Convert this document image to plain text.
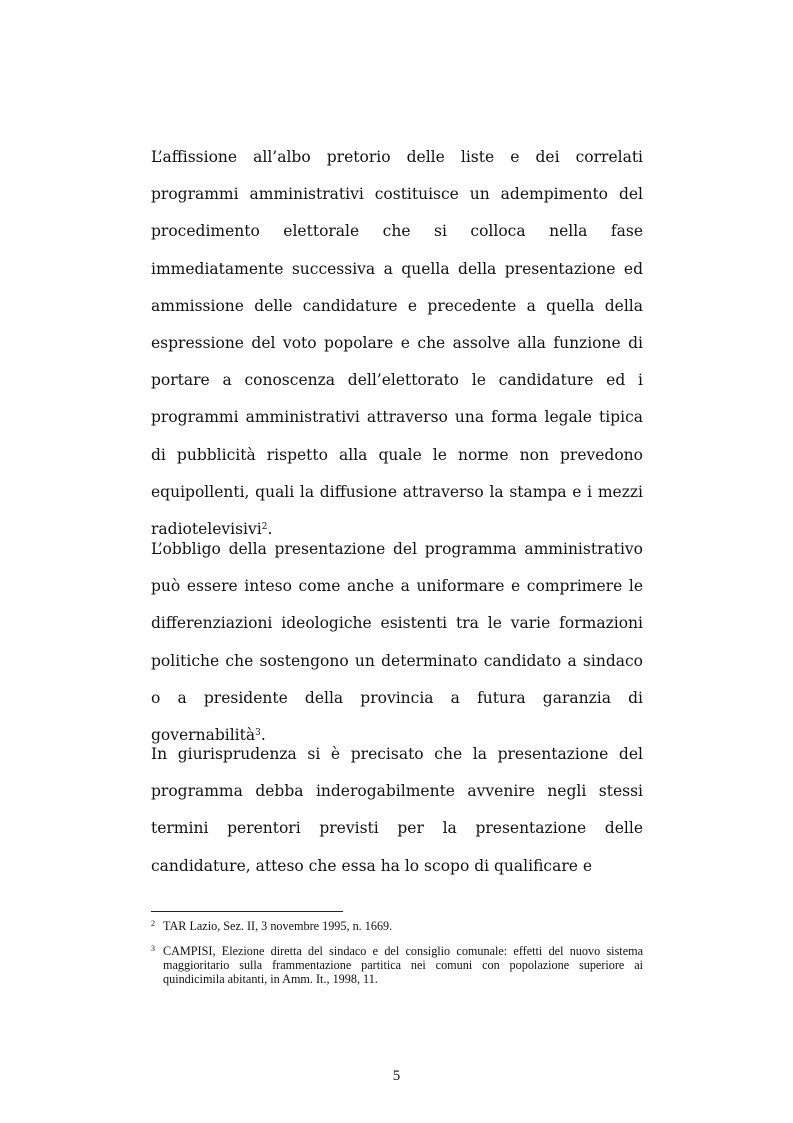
L’affissione all’albo pretorio delle liste e dei correlati programmi amministrativi costituisce un adempimento del procedimento elettorale che si colloca nella fase immediatamente successiva a quella della presentazione ed ammissione delle candidature e precedente a quella della espressione del voto popolare e che assolve alla funzione di portare a conoscenza dell’elettorato le candidature ed i programmi amministrativi attraverso una forma legale tipica di pubblicità rispetto alla quale le norme non prevedono equipollenti, quali la diffusione attraverso la stampa e i mezzi radiotelevisivi$^2$.
L’obbligo della presentazione del programma amministrativo può essere inteso come anche a uniformare e comprimere le differenziazioni ideologiche esistenti tra le varie formazioni politiche che sostengono un determinato candidato a sindaco o a presidente della provincia a futura garanzia di governabilità$^3$.
In giurisprudenza si è precisato che la presentazione del programma debba inderogabilmente avvenire negli stessi termini perentori previsti per la presentazione delle candidature, atteso che essa ha lo scopo di qualificare e
2 TAR Lazio, Sez. II, 3 novembre 1995, n. 1669.
3 CAMPISI, Elezione diretta del sindaco e del consiglio comunale: effetti del nuovo sistema maggioritario sulla frammentazione partitica nei comuni con popolazione superiore ai quindicimila abitanti, in Amm. It., 1998, 11.
5
